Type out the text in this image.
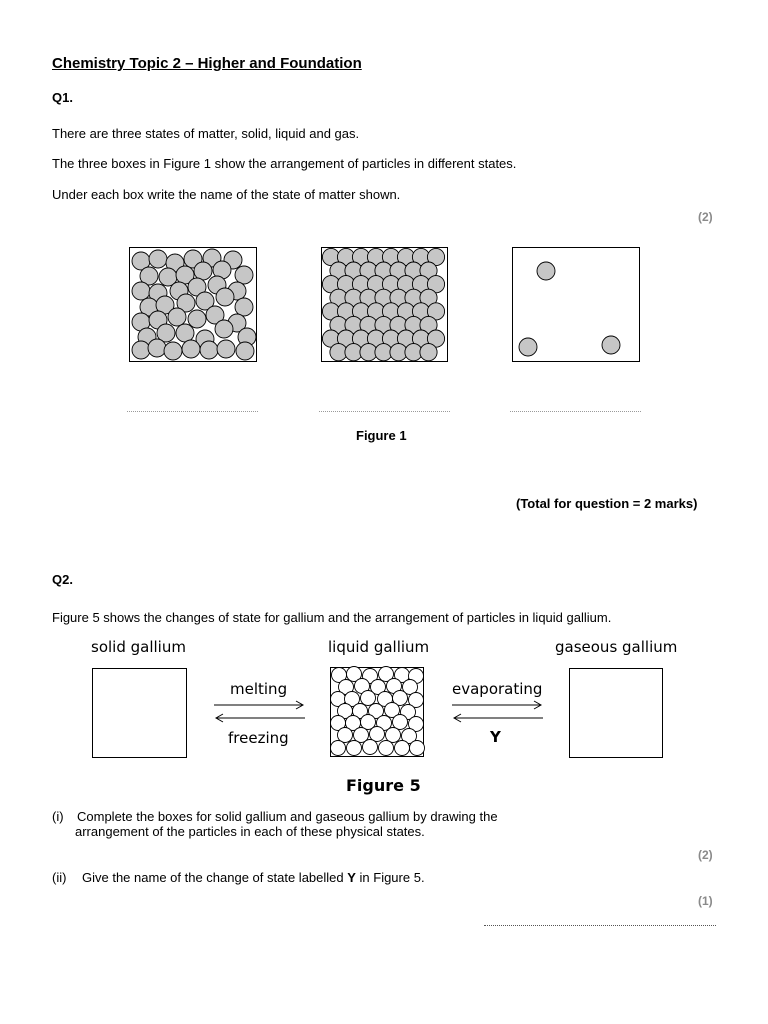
Chemistry Topic 2 – Higher and Foundation
Q1.
There are three states of matter, solid, liquid and gas.
The three boxes in Figure 1 show the arrangement of particles in different states.
Under each box write the name of the state of matter shown.
(2)
Figure 1
(Total for question = 2 marks)
Q2.
Figure 5 shows the changes of state for gallium and the arrangement of particles in liquid gallium.
solid gallium	liquid gallium	gaseous gallium
melting
freezing
evaporating
Y
Figure 5
(i) Complete the boxes for solid gallium and gaseous gallium by drawing the
arrangement of the particles in each of these physical states.
(2)
(ii) Give the name of the change of state labelled Y in Figure 5.
(1)
